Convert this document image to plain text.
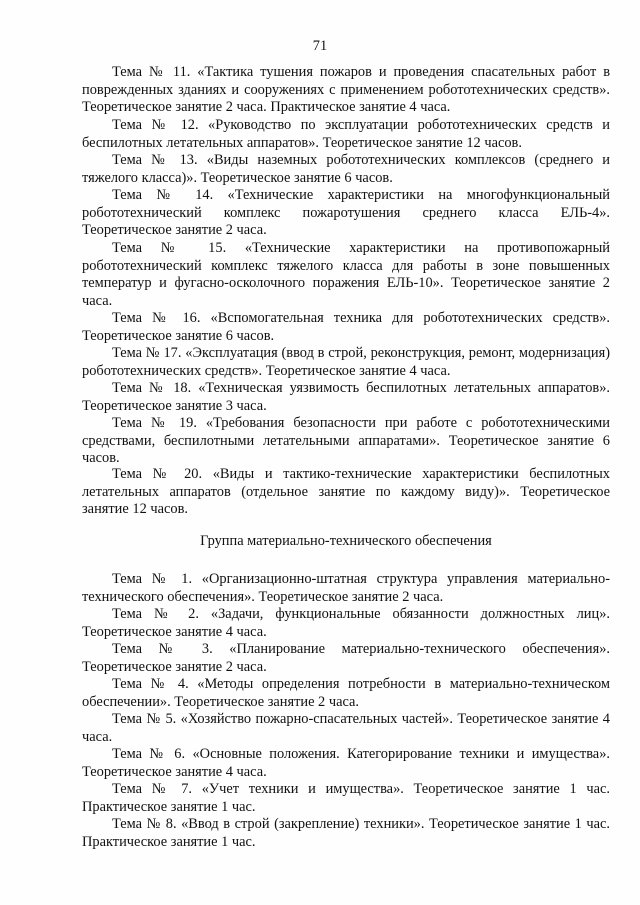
71

Тема № 11. «Тактика тушения пожаров и проведения спасательных работ в поврежденных зданиях и сооружениях с применением робототехнических средств». Теоретическое занятие 2 часа. Практическое занятие 4 часа.

Тема № 12. «Руководство по эксплуатации робототехнических средств и беспилотных летательных аппаратов». Теоретическое занятие 12 часов.

Тема № 13. «Виды наземных робототехнических комплексов (среднего и тяжелого класса)». Теоретическое занятие 6 часов.

Тема № 14. «Технические характеристики на многофункциональный робототехнический комплекс пожаротушения среднего класса ЕЛЬ-4». Теоретическое занятие 2 часа.

Тема № 15. «Технические характеристики на противопожарный робототехнический комплекс тяжелого класса для работы в зоне повышенных температур и фугасно-осколочного поражения ЕЛЬ-10». Теоретическое занятие 2 часа.

Тема № 16. «Вспомогательная техника для робототехнических средств». Теоретическое занятие 6 часов.

Тема № 17. «Эксплуатация (ввод в строй, реконструкция, ремонт, модернизация) робототехнических средств». Теоретическое занятие 4 часа.

Тема № 18. «Техническая уязвимость беспилотных летательных аппаратов». Теоретическое занятие 3 часа.

Тема № 19. «Требования безопасности при работе с робототехническими средствами, беспилотными летательными аппаратами». Теоретическое занятие 6 часов.

Тема № 20. «Виды и тактико-технические характеристики беспилотных летательных аппаратов (отдельное занятие по каждому виду)». Теоретическое занятие 12 часов.

Группа материально-технического обеспечения

Тема № 1. «Организационно-штатная структура управления материально-технического обеспечения». Теоретическое занятие 2 часа.

Тема № 2. «Задачи, функциональные обязанности должностных лиц». Теоретическое занятие 4 часа.

Тема № 3. «Планирование материально-технического обеспечения». Теоретическое занятие 2 часа.

Тема № 4. «Методы определения потребности в материально-техническом обеспечении». Теоретическое занятие 2 часа.

Тема № 5. «Хозяйство пожарно-спасательных частей». Теоретическое занятие 4 часа.

Тема № 6. «Основные положения. Категорирование техники и имущества». Теоретическое занятие 4 часа.

Тема № 7. «Учет техники и имущества». Теоретическое занятие 1 час. Практическое занятие 1 час.

Тема № 8. «Ввод в строй (закрепление) техники». Теоретическое занятие 1 час. Практическое занятие 1 час.
